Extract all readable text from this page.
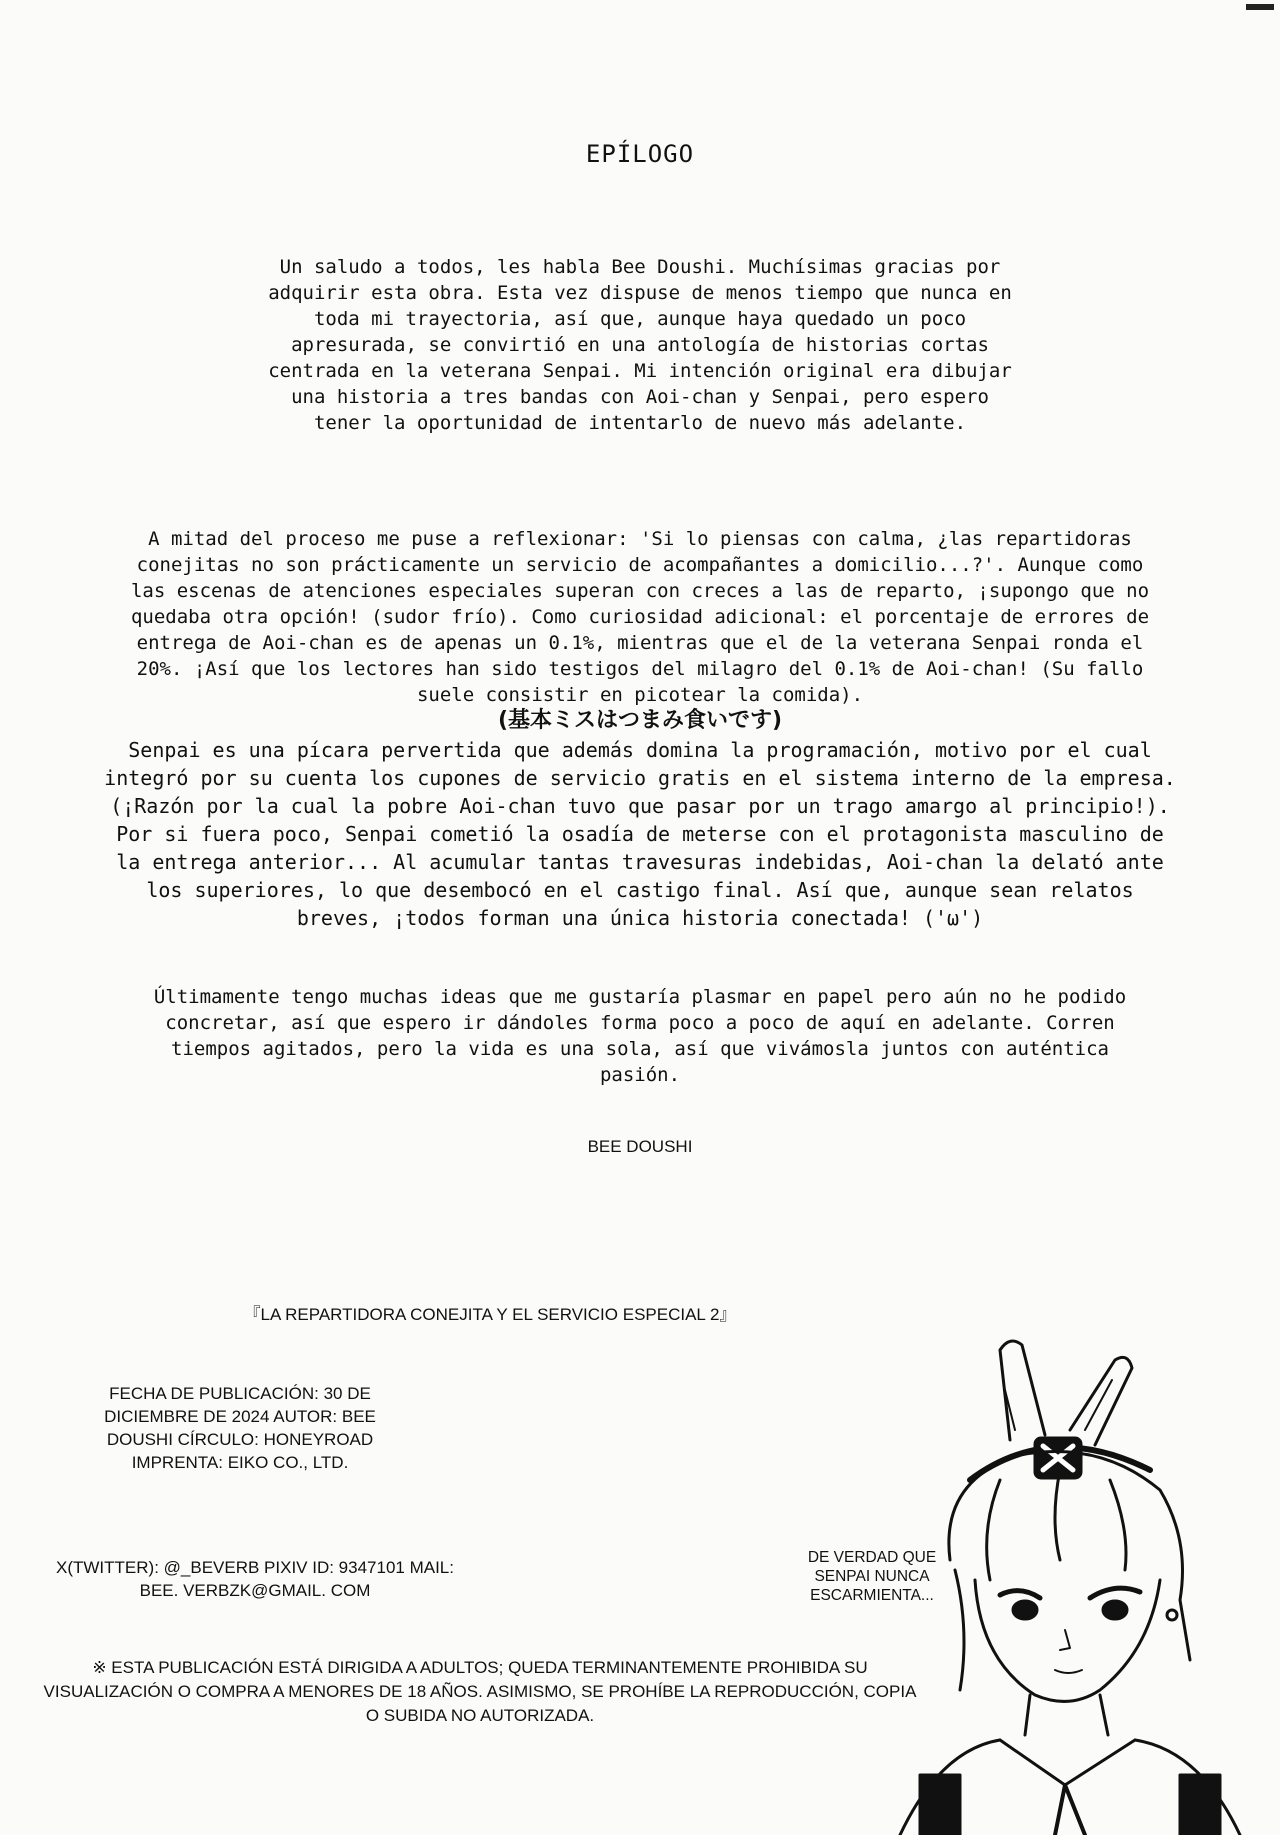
EPÍLOGO

Un saludo a todos, les habla Bee Doushi. Muchísimas gracias por adquirir esta obra. Esta vez dispuse de menos tiempo que nunca en toda mi trayectoria, así que, aunque haya quedado un poco apresurada, se convirtió en una antología de historias cortas centrada en la veterana Senpai. Mi intención original era dibujar una historia a tres bandas con Aoi-chan y Senpai, pero espero tener la oportunidad de intentarlo de nuevo más adelante.

A mitad del proceso me puse a reflexionar: 'Si lo piensas con calma, ¿las repartidoras conejitas no son prácticamente un servicio de acompañantes a domicilio...?'. Aunque como las escenas de atenciones especiales superan con creces a las de reparto, ¡supongo que no quedaba otra opción! (sudor frío). Como curiosidad adicional: el porcentaje de errores de entrega de Aoi-chan es de apenas un 0.1%, mientras que el de la veterana Senpai ronda el 20%. ¡Así que los lectores han sido testigos del milagro del 0.1% de Aoi-chan! (Su fallo suele consistir en picotear la comida).

(基本ミスはつまみ食いです)

Senpai es una pícara pervertida que además domina la programación, motivo por el cual integró por su cuenta los cupones de servicio gratis en el sistema interno de la empresa. (¡Razón por la cual la pobre Aoi-chan tuvo que pasar por un trago amargo al principio!). Por si fuera poco, Senpai cometió la osadía de meterse con el protagonista masculino de la entrega anterior... Al acumular tantas travesuras indebidas, Aoi-chan la delató ante los superiores, lo que desembocó en el castigo final. Así que, aunque sean relatos breves, ¡todos forman una única historia conectada! ('ω')

Últimamente tengo muchas ideas que me gustaría plasmar en papel pero aún no he podido concretar, así que espero ir dándoles forma poco a poco de aquí en adelante. Corren tiempos agitados, pero la vida es una sola, así que vivámosla juntos con auténtica pasión.

BEE DOUSHI
『LA REPARTIDORA CONEJITA Y EL SERVICIO ESPECIAL 2』
FECHA DE PUBLICACIÓN: 30 DE DICIEMBRE DE 2024 AUTOR: BEE DOUSHI CÍRCULO: HONEYROAD IMPRENTA: EIKO CO., LTD.
X(TWITTER): @_BEVERB PIXIV ID: 9347101 MAIL: BEE. VERBZK@GMAIL. COM
※ ESTA PUBLICACIÓN ESTÁ DIRIGIDA A ADULTOS; QUEDA TERMINANTEMENTE PROHIBIDA SU VISUALIZACIÓN O COMPRA A MENORES DE 18 AÑOS. ASIMISMO, SE PROHÍBE LA REPRODUCCIÓN, COPIA O SUBIDA NO AUTORIZADA.
DE VERDAD QUE SENPAI NUNCA ESCARMIENTA...
